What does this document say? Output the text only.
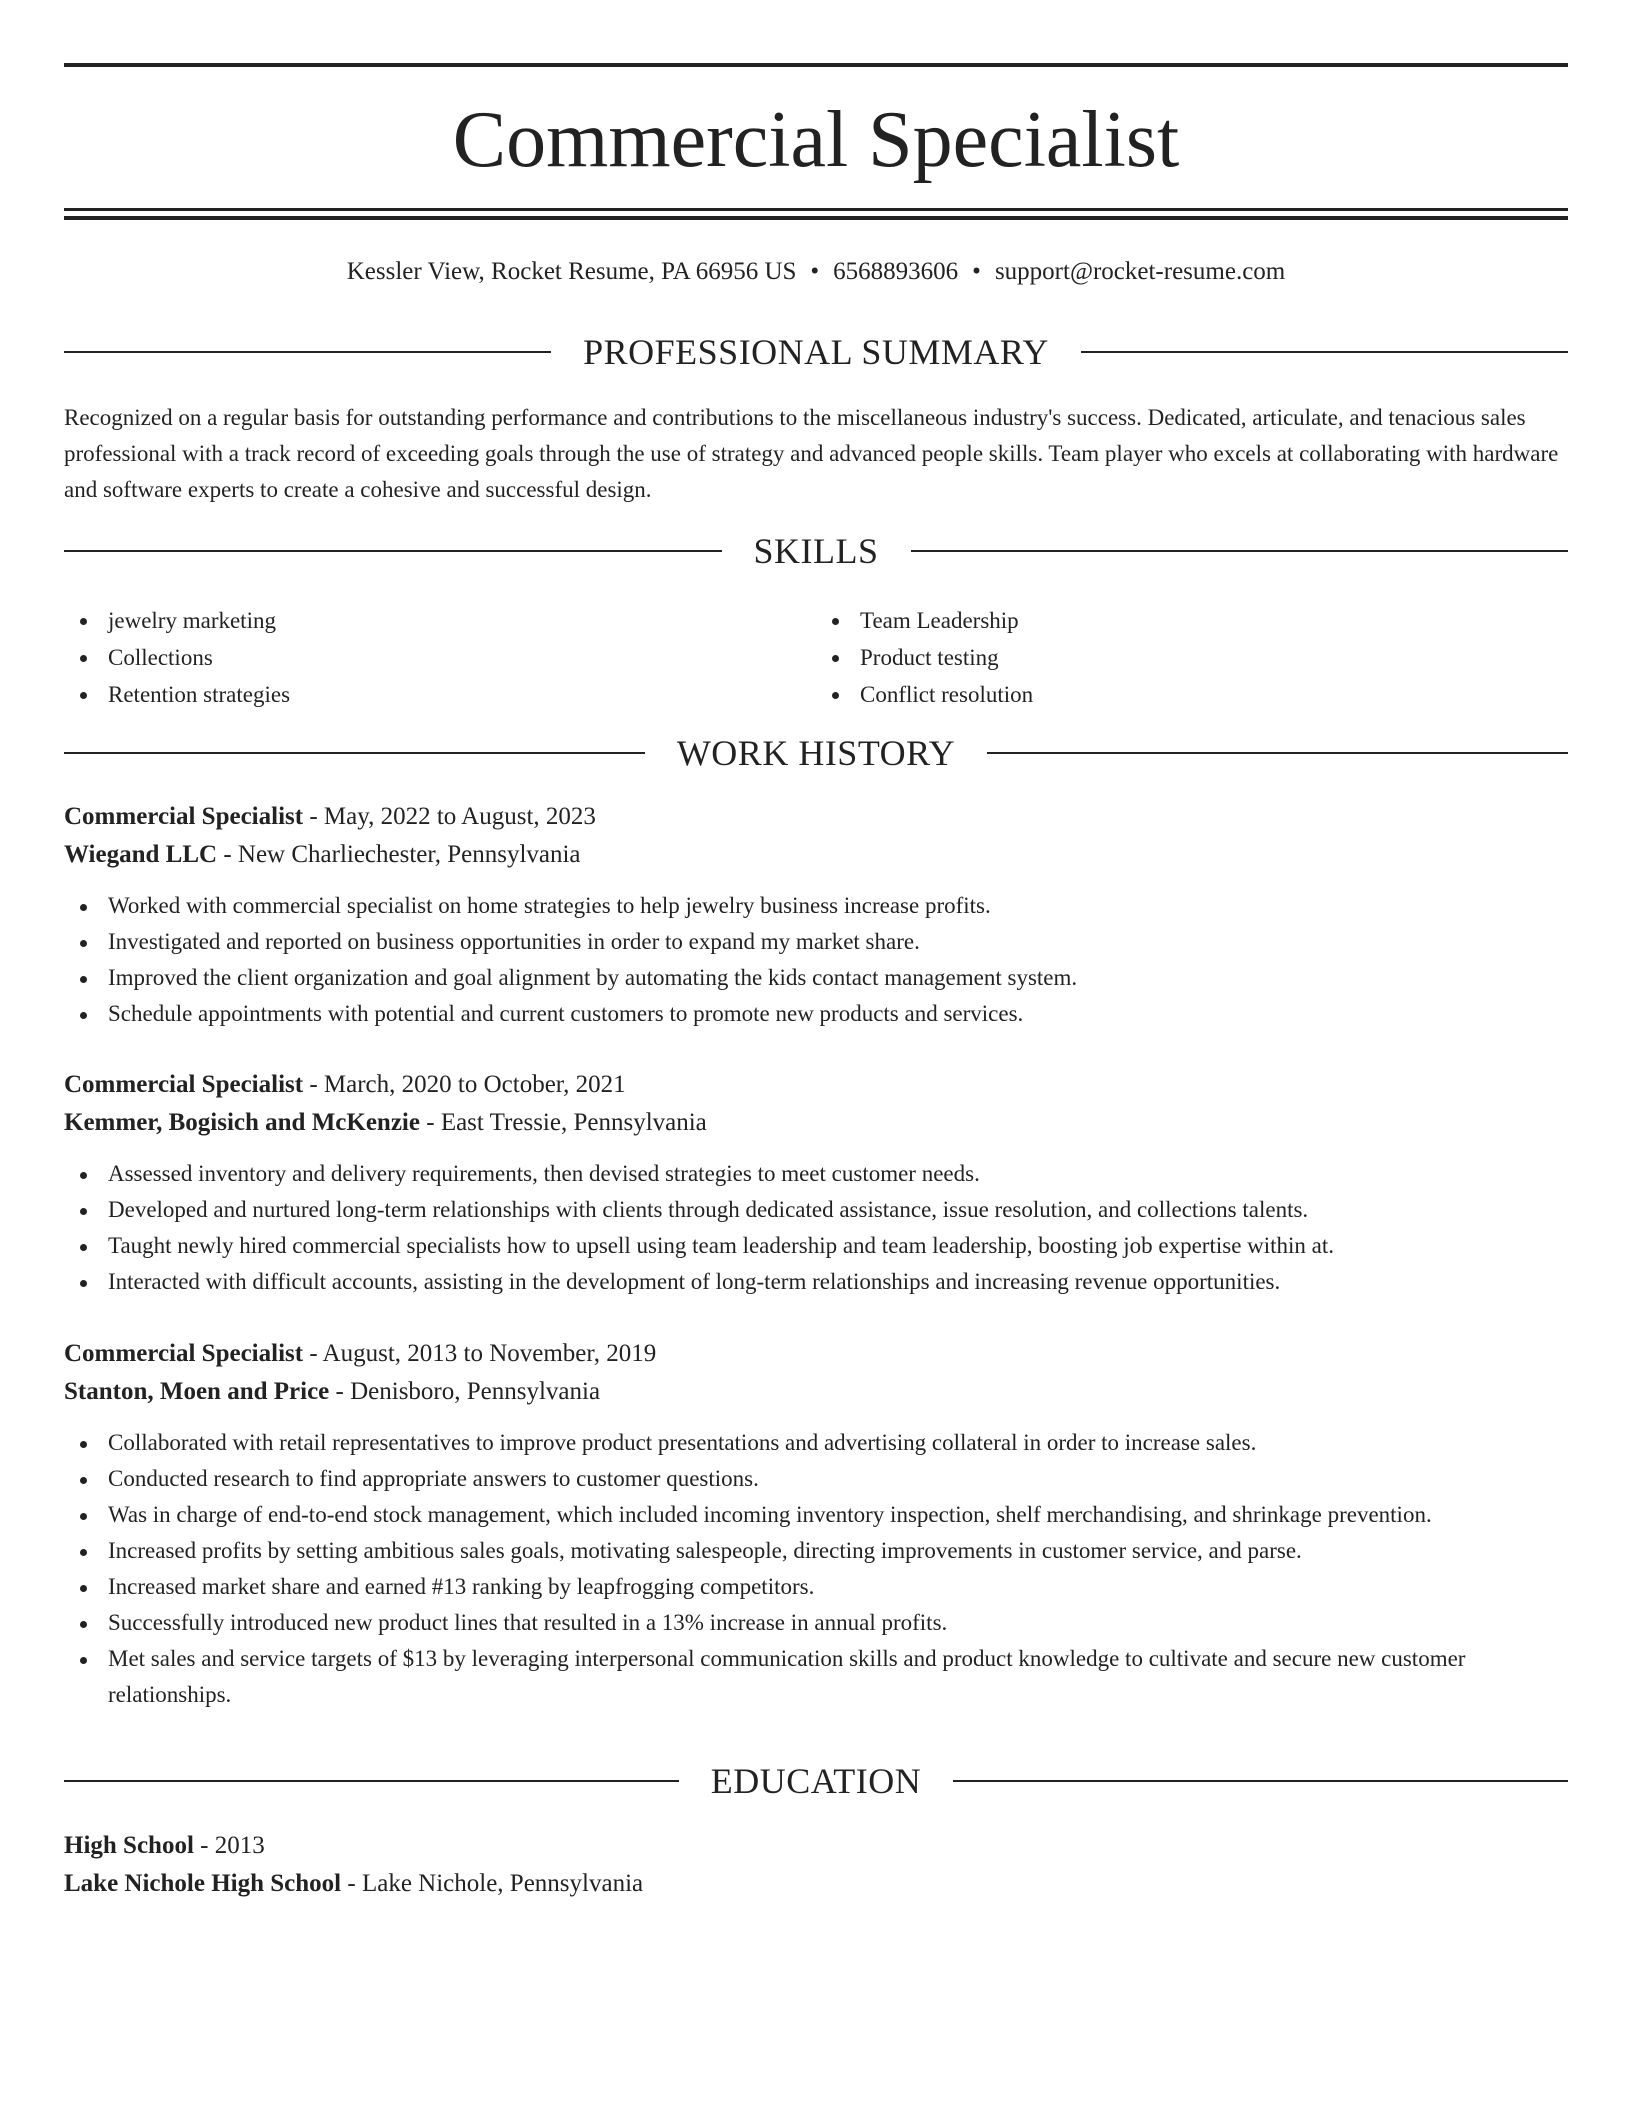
Commercial Specialist
Kessler View, Rocket Resume, PA 66956 US • 6568893606 • support@rocket-resume.com
PROFESSIONAL SUMMARY

Recognized on a regular basis for outstanding performance and contributions to the miscellaneous industry's success. Dedicated, articulate, and tenacious sales professional with a track record of exceeding goals through the use of strategy and advanced people skills. Team player who excels at collaborating with hardware and software experts to create a cohesive and successful design.

SKILLS
jewelry marketing
Collections
Retention strategies
Team Leadership
Product testing
Conflict resolution
WORK HISTORY
Commercial Specialist - May, 2022 to August, 2023
Wiegand LLC - New Charliechester, Pennsylvania
Worked with commercial specialist on home strategies to help jewelry business increase profits.
Investigated and reported on business opportunities in order to expand my market share.
Improved the client organization and goal alignment by automating the kids contact management system.
Schedule appointments with potential and current customers to promote new products and services.
Commercial Specialist - March, 2020 to October, 2021
Kemmer, Bogisich and McKenzie - East Tressie, Pennsylvania
Assessed inventory and delivery requirements, then devised strategies to meet customer needs.
Developed and nurtured long-term relationships with clients through dedicated assistance, issue resolution, and collections talents.
Taught newly hired commercial specialists how to upsell using team leadership and team leadership, boosting job expertise within at.
Interacted with difficult accounts, assisting in the development of long-term relationships and increasing revenue opportunities.
Commercial Specialist - August, 2013 to November, 2019
Stanton, Moen and Price - Denisboro, Pennsylvania
Collaborated with retail representatives to improve product presentations and advertising collateral in order to increase sales.
Conducted research to find appropriate answers to customer questions.
Was in charge of end-to-end stock management, which included incoming inventory inspection, shelf merchandising, and shrinkage prevention.
Increased profits by setting ambitious sales goals, motivating salespeople, directing improvements in customer service, and parse.
Increased market share and earned #13 ranking by leapfrogging competitors.
Successfully introduced new product lines that resulted in a 13% increase in annual profits.
Met sales and service targets of $13 by leveraging interpersonal communication skills and product knowledge to cultivate and secure new customer relationships.
EDUCATION
High School - 2013
Lake Nichole High School - Lake Nichole, Pennsylvania
